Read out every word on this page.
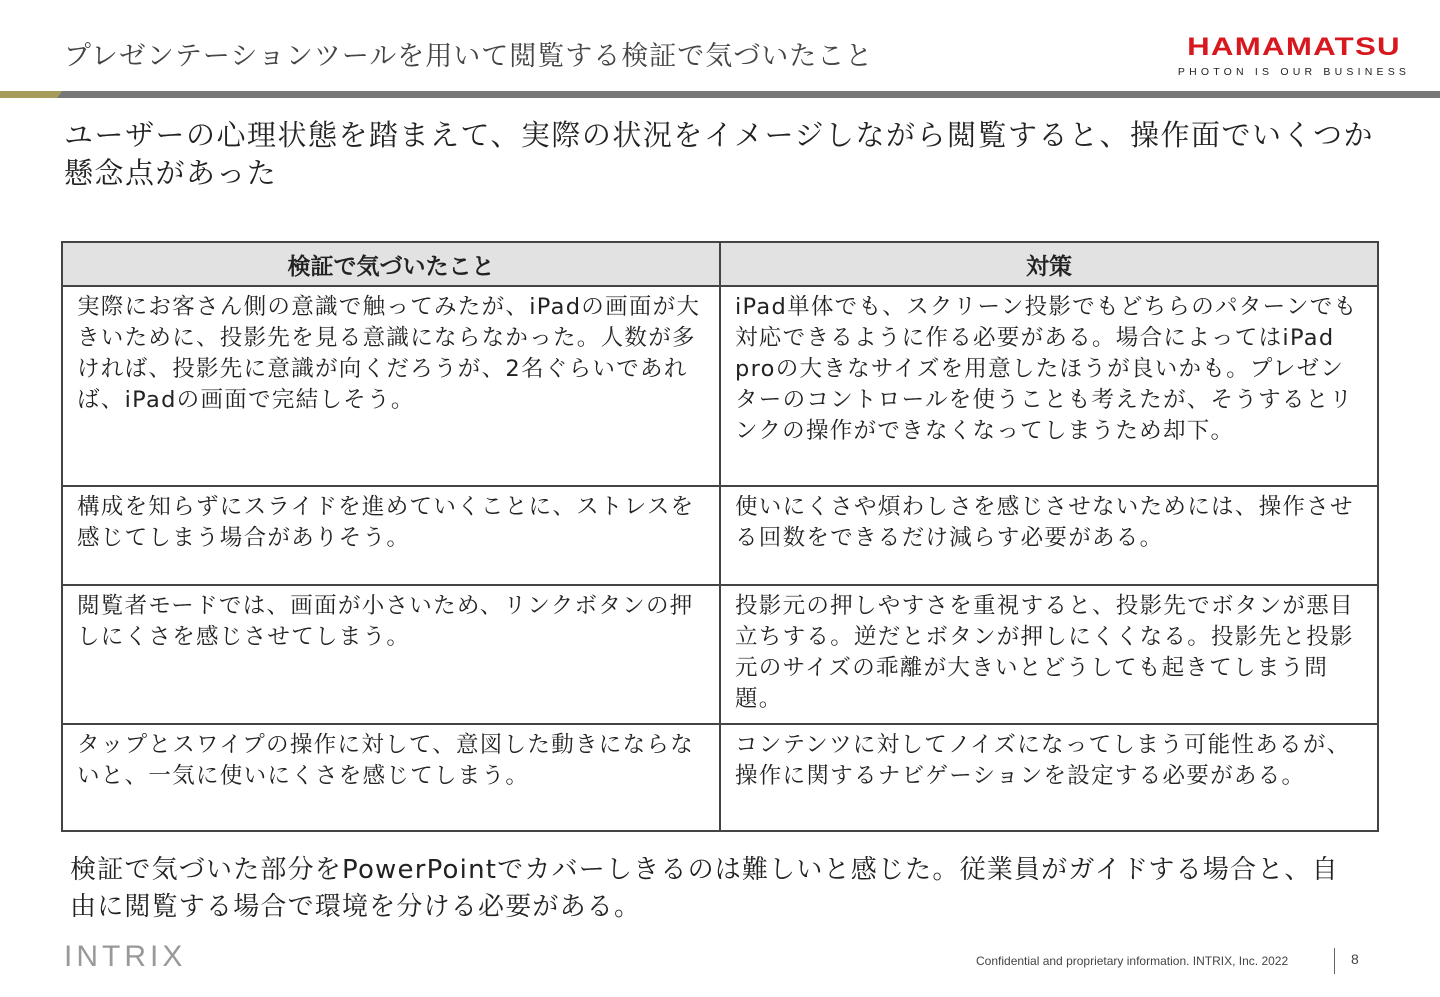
プレゼンテーションツールを用いて閲覧する検証で気づいたこと	HAMAMATSU
PHOTON IS OUR BUSINESS
ユーザーの心理状態を踏まえて、実際の状況をイメージしながら閲覧すると、操作面でいくつか懸念点があった
検証で気づいたこと	対策
実際にお客さん側の意識で触ってみたが、iPadの画面が大きいために、投影先を見る意識にならなかった。人数が多ければ、投影先に意識が向くだろうが、2名ぐらいであれば、iPadの画面で完結しそう。	iPad単体でも、スクリーン投影でもどちらのパターンでも対応できるように作る必要がある。場合によってはiPad proの大きなサイズを用意したほうが良いかも。プレゼンターのコントロールを使うことも考えたが、そうするとリンクの操作ができなくなってしまうため却下。
構成を知らずにスライドを進めていくことに、ストレスを感じてしまう場合がありそう。	使いにくさや煩わしさを感じさせないためには、操作させる回数をできるだけ減らす必要がある。
閲覧者モードでは、画面が小さいため、リンクボタンの押しにくさを感じさせてしまう。	投影元の押しやすさを重視すると、投影先でボタンが悪目立ちする。逆だとボタンが押しにくくなる。投影先と投影元のサイズの乖離が大きいとどうしても起きてしまう問題。
タップとスワイプの操作に対して、意図した動きにならないと、一気に使いにくさを感じてしまう。	コンテンツに対してノイズになってしまう可能性あるが、操作に関するナビゲーションを設定する必要がある。
検証で気づいた部分をPowerPointでカバーしきるのは難しいと感じた。従業員がガイドする場合と、自由に閲覧する場合で環境を分ける必要がある。
INTRIX	Confidential and proprietary information. INTRIX, Inc. 2022	8
